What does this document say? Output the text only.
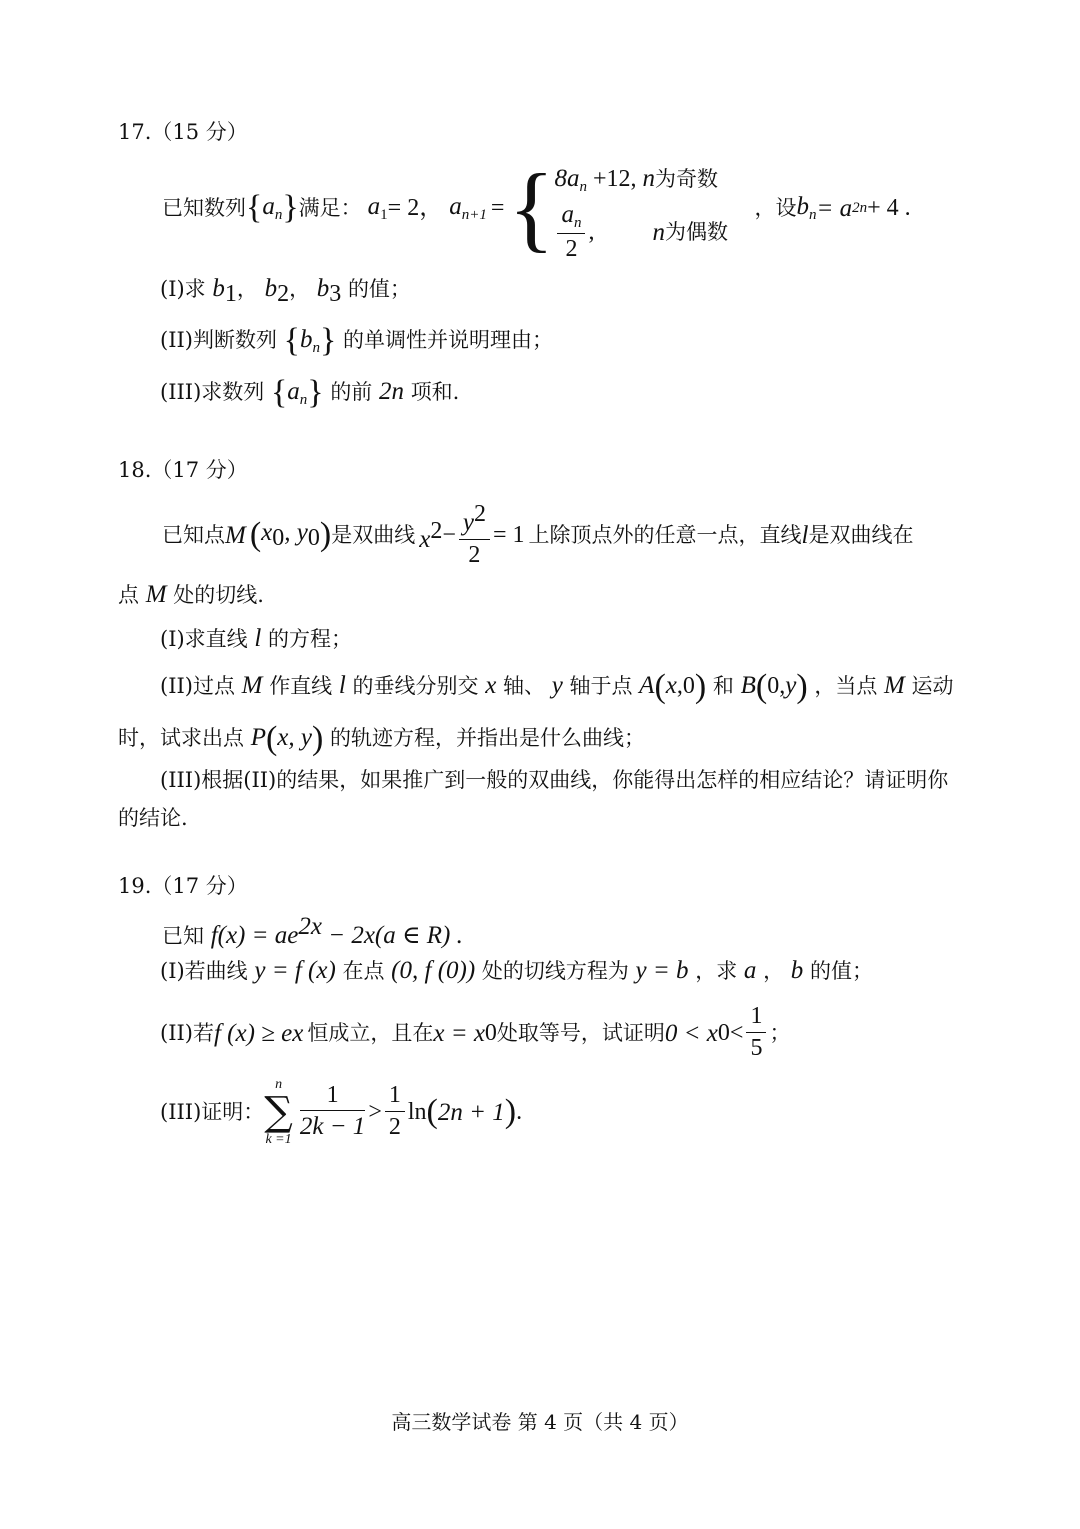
17.（15 分）
已知数列 { $a_n$ } 满足： $a_1 = 2$， $a_{n+1}$ = { $8a_n +12$, n为奇数
$\frac{a_n}{2}$ , n 为偶数
，设 $b_n = a$ 2n + 4 .
(I)求 $b_1$， $b_2$， $b_3$ 的值；
(II)判断数列 $\{b_n\}$ 的单调性并说明理由；
(III)求数列 $\{a_n\}$ 的前 2n 项和.
18.（17 分）
已知点 M ( $x_0$, $y_0$ ) 是双曲线 $x^2 - \frac{y^2}{2} = 1$ 上除顶点外的任意一点，直线 l 是双曲线在
点 M 处的切线.
(I)求直线 l 的方程；
(II)过点 M 作直线 l 的垂线分别交 x 轴、 y 轴于点 A(x,0) 和 B(0,y) ，当点 M 运动
时，试求出点 P(x, y) 的轨迹方程，并指出是什么曲线；
(III)根据(II)的结果，如果推广到一般的双曲线，你能得出怎样的相应结论？请证明你
的结论.
19.（17 分）
已知 $f(x) = ae^{2x} - 2x(a$ ∈ R) .
(I)若曲线 y = f (x) 在点 (0, f (0)) 处的切线方程为 y = b ，求 a ， b 的值；
(II)若 f (x) ≥ e x 恒成立，且在 x = x 0 处取等号，试证明 0 < x $0 < \frac{1}{5}$ ；
(III)证明：
n
∑
$k =1 \frac{1}{2k - 1} > \frac{1}{2}$ ln ( 2n + 1 ) .
高三数学试卷 第 4 页（共 4 页）
